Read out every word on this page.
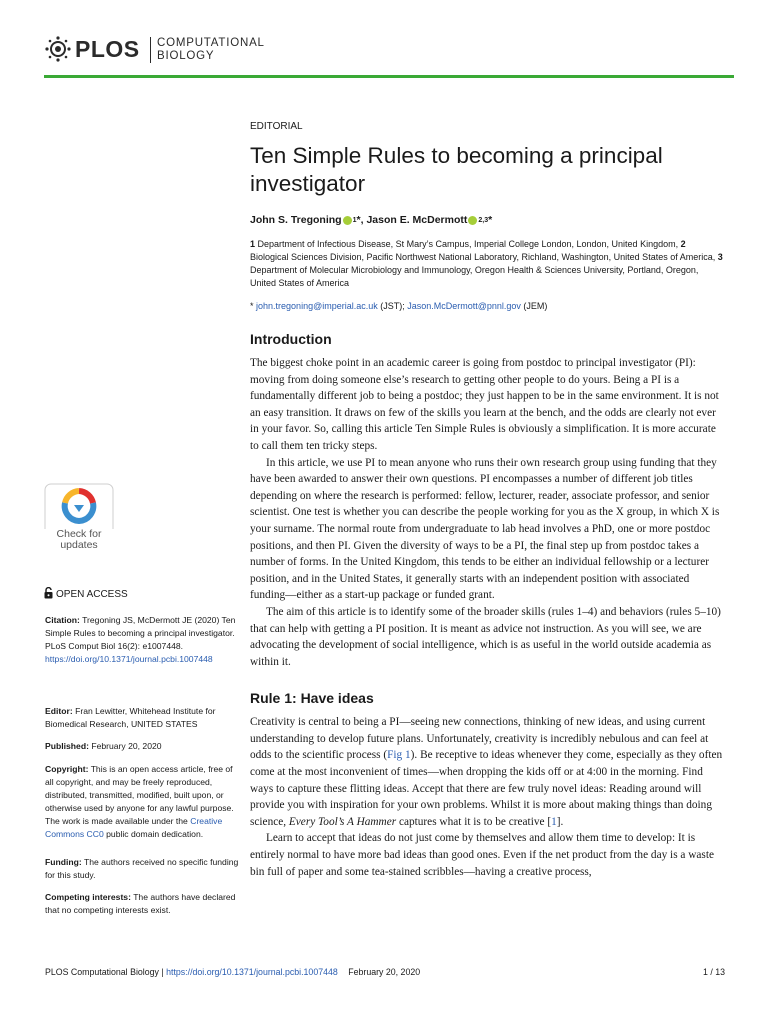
PLOS COMPUTATIONAL
BIOLOGY
Check for updates
OPEN ACCESS
Citation: Tregoning JS, McDermott JE (2020) Ten Simple Rules to becoming a principal investigator. PLoS Comput Biol 16(2): e1007448. https://doi.org/10.1371/journal.pcbi.1007448
Editor: Fran Lewitter, Whitehead Institute for Biomedical Research, UNITED STATES
Published: February 20, 2020
Copyright: This is an open access article, free of all copyright, and may be freely reproduced, distributed, transmitted, modified, built upon, or otherwise used by anyone for any lawful purpose. The work is made available under the Creative Commons CC0 public domain dedication.
Funding: The authors received no specific funding for this study.
Competing interests: The authors have declared that no competing interests exist.
EDITORIAL
Ten Simple Rules to becoming a principal investigator
John S. Tregoning 1 * , Jason E. McDermott 2,3 *
1 Department of Infectious Disease, St Mary’s Campus, Imperial College London, London, United Kingdom, 2 Biological Sciences Division, Pacific Northwest National Laboratory, Richland, Washington, United States of America, 3 Department of Molecular Microbiology and Immunology, Oregon Health & Sciences University, Portland, Oregon, United States of America
* john.tregoning@imperial.ac.uk (JST); Jason.McDermott@pnnl.gov (JEM)
Introduction

The biggest choke point in an academic career is going from postdoc to principal investigator (PI): moving from doing someone else’s research to getting other people to do yours. Being a PI is a fundamentally different job to being a postdoc; they just happen to be in the same environment. It is not an easy transition. It draws on few of the skills you learn at the bench, and the odds are clearly not ever in your favor. So, calling this article Ten Simple Rules is obviously a simplification. It is more accurate to call them ten tricky steps.

In this article, we use PI to mean anyone who runs their own research group using funding that they have been awarded to answer their own questions. PI encompasses a number of different job titles depending on where the research is performed: fellow, lecturer, reader, associate professor, and senior scientist. One test is whether you can describe the people working for you as the X group, in which X is your surname. The normal route from undergraduate to lab head involves a PhD, one or more postdoc positions, and then PI. Given the diversity of ways to be a PI, the final step up from postdoc takes a number of forms. In the United Kingdom, this tends to be either an individual fellowship or a lecturer position, and in the United States, it generally starts with an independent position with associated funding—either as a start-up package or funded grant.

The aim of this article is to identify some of the broader skills (rules 1–4) and behaviors (rules 5–10) that can help with getting a PI position. It is meant as advice not instruction. As you will see, we are advocating the development of social intelligence, which is as useful in the world outside academia as within it.

Rule 1: Have ideas

Creativity is central to being a PI—seeing new connections, thinking of new ideas, and using current understanding to develop future plans. Unfortunately, creativity is incredibly nebulous and can feel at odds to the scientific process (Fig 1). Be receptive to ideas whenever they come, especially as they often come at the most inconvenient of times—when dropping the kids off or at 4:00 in the morning. Find ways to capture these flitting ideas. Accept that there are few truly novel ideas: Reading around will provide you with inspiration for your own problems. Whilst it is more about making things than doing science, Every Tool’s A Hammer captures what it is to be creative [1].

Learn to accept that ideas do not just come by themselves and allow them time to develop: It is entirely normal to have more bad ideas than good ones. Even if the net product from the day is a waste bin full of paper and some tea-stained scribbles—having a creative process,

PLOS Computational Biology | https://doi.org/10.1371/journal.pcbi.1007448 February 20, 2020	1 / 13
